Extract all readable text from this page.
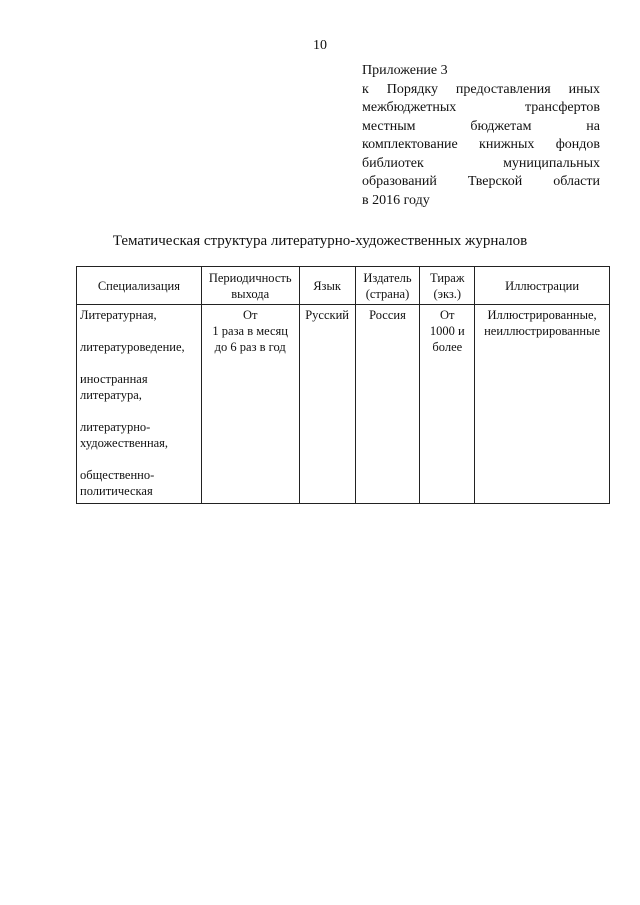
10
Приложение 3
к Порядку предоставления иных
межбюджетных трансфертов
местным бюджетам на
комплектование книжных фондов
библиотек муниципальных
образований Тверской области
в 2016 году
Тематическая структура литературно-художественных журналов
Специализация	Периодичность выхода	Язык	Издатель (страна)	Тираж (экз.)	Иллюстрации

Литературная,
литературоведение,
иностранная литература,
литературно-художественная,
общественно-политическая	От
1 раза в месяц
до 6 раз в год	Русский	Россия	От
1000 и
более	Иллюстрированные,
неиллюстрированные
